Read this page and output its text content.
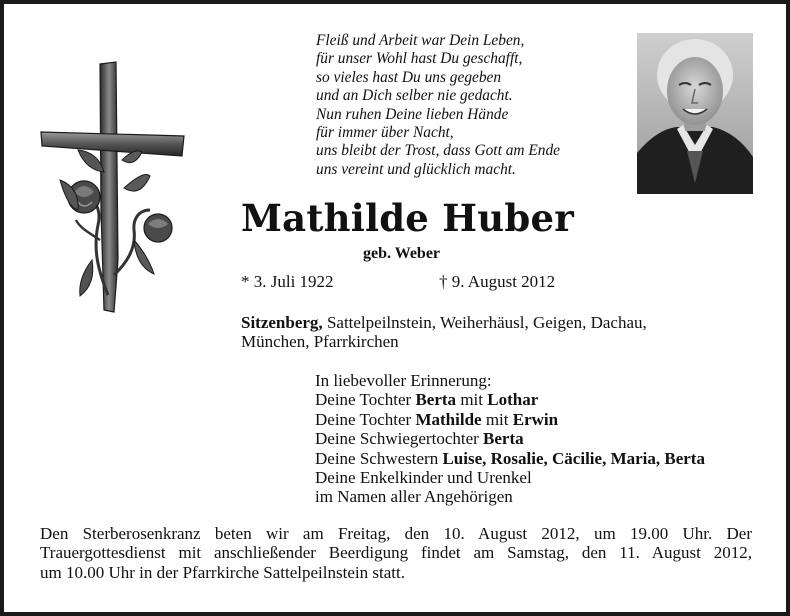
Fleiß und Arbeit war Dein Leben,
für unser Wohl hast Du geschafft,
so vieles hast Du uns gegeben
und an Dich selber nie gedacht.
Nun ruhen Deine lieben Hände
für immer über Nacht,
uns bleibt der Trost, dass Gott am Ende
uns vereint und glücklich macht.
Mathilde Huber
geb. Weber
* 3. Juli 1922	† 9. August 2012
Sitzenberg, Sattelpeilnstein, Weiherhäusl, Geigen, Dachau,
München, Pfarrkirchen
In liebevoller Erinnerung:
Deine Tochter Berta mit Lothar
Deine Tochter Mathilde mit Erwin
Deine Schwiegertochter Berta
Deine Schwestern Luise, Rosalie, Cäcilie, Maria, Berta
Deine Enkelkinder und Urenkel
im Namen aller Angehörigen
Den Sterberosenkranz beten wir am Freitag, den 10. August 2012, um 19.00 Uhr. Der
Trauergottesdienst mit anschließender Beerdigung findet am Samstag, den 11. August 2012,
um 10.00 Uhr in der Pfarrkirche Sattelpeilnstein statt.
